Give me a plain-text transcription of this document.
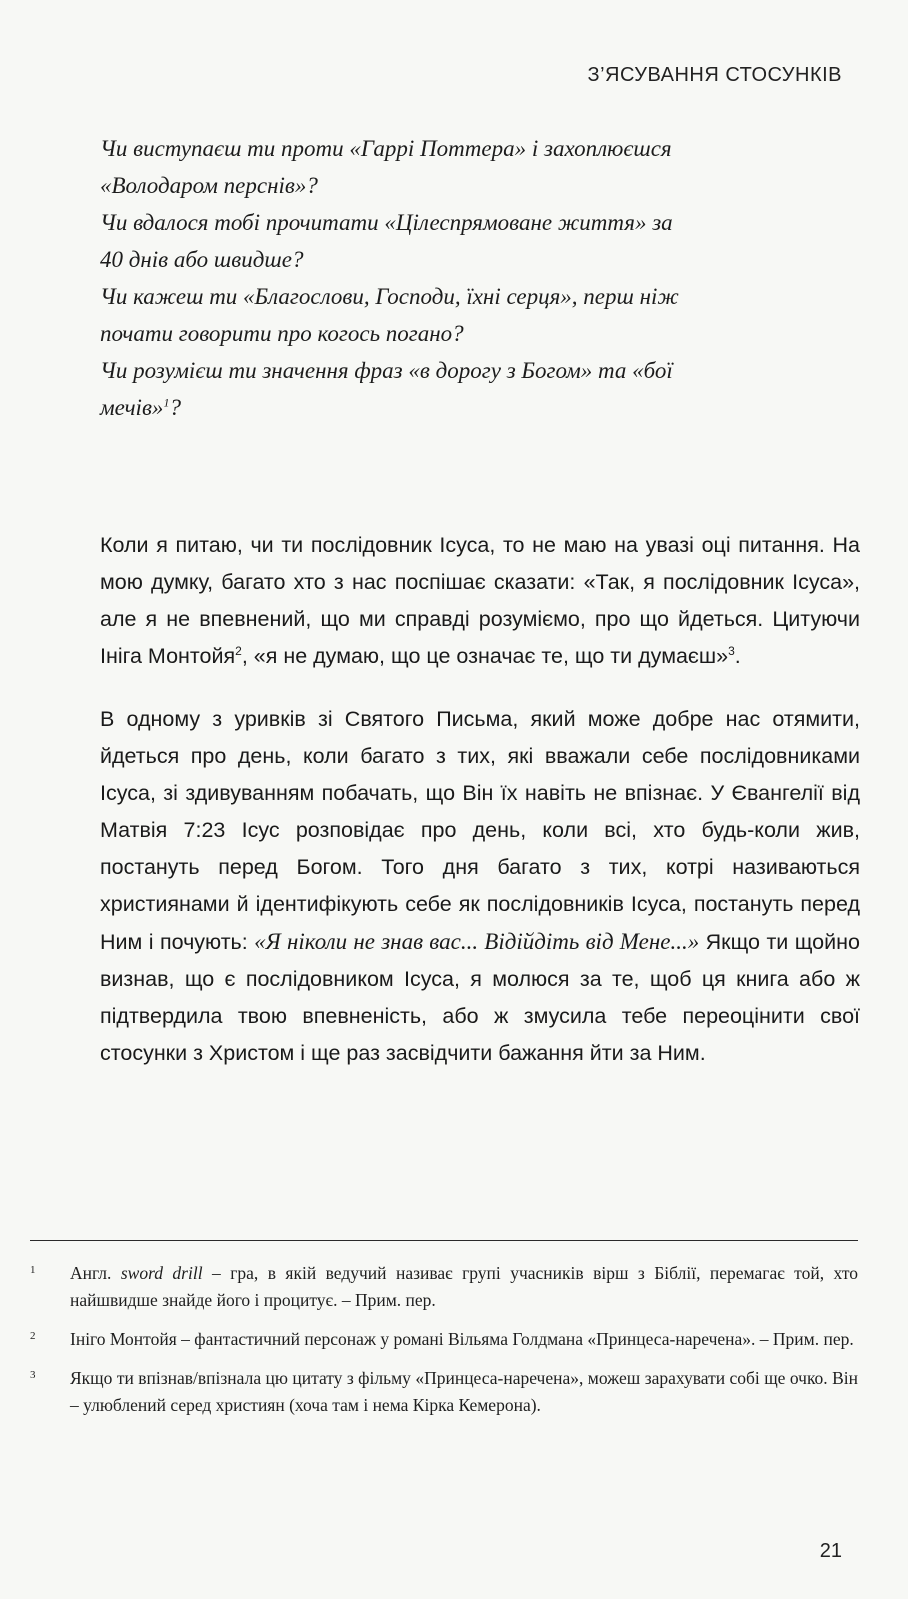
З’ЯСУВАННЯ СТОСУНКІВ

Чи виступаєш ти проти «Гаррі Поттера» і захоплюєшся
«Володаром перснів»?

Чи вдалося тобі прочитати «Цілеспрямоване життя» за
40 днів або швидше?

Чи кажеш ти «Благослови, Господи, їхні серця», перш ніж
почати говорити про когось погано?

Чи розумієш ти значення фраз «в дорогу з Богом» та «бої
мечів»$^1$?

Коли я питаю, чи ти послідовник Ісуса, то не маю на увазі оці питання. На мою думку, багато хто з нас поспішає сказати: «Так, я послідовник Ісуса», але я не впевнений, що ми справді розуміємо, про що йдеться. Цитуючи Ініга Монтойя$^2$, «я не думаю, що це означає те, що ти думаєш»$^3$.

В одному з уривків зі Святого Письма, який може добре нас отямити, йдеться про день, коли багато з тих, які вважали себе послідовниками Ісуса, зі здивуванням побачать, що Він їх навіть не впізнає. У Євангелії від Матвія 7:23 Ісус розповідає про день, коли всі, хто будь-коли жив, постануть перед Богом. Того дня багато з тих, котрі називаються християнами й ідентифікують себе як послідовників Ісуса, постануть перед Ним і почують: «Я ніколи не знав вас... Відійдіть від Мене...» Якщо ти щойно визнав, що є послідовником Ісуса, я молюся за те, щоб ця книга або ж підтвердила твою впевненість, або ж змусила тебе переоцінити свої стосунки з Христом і ще раз засвідчити бажання йти за Ним.

1	Англ. sword drill – гра, в якій ведучий називає групі учасників вірш з Біблії, перемагає той, хто найшвидше знайде його і процитує. – Прим. пер.
2	Ініго Монтойя – фантастичний персонаж у романі Вільяма Голдмана «Принцеса-наречена». – Прим. пер.
3	Якщо ти впізнав/впізнала цю цитату з фільму «Принцеса-наречена», можеш зарахувати собі ще очко. Він – улюблений серед християн (хоча там і нема Кірка Кемерона).
21
